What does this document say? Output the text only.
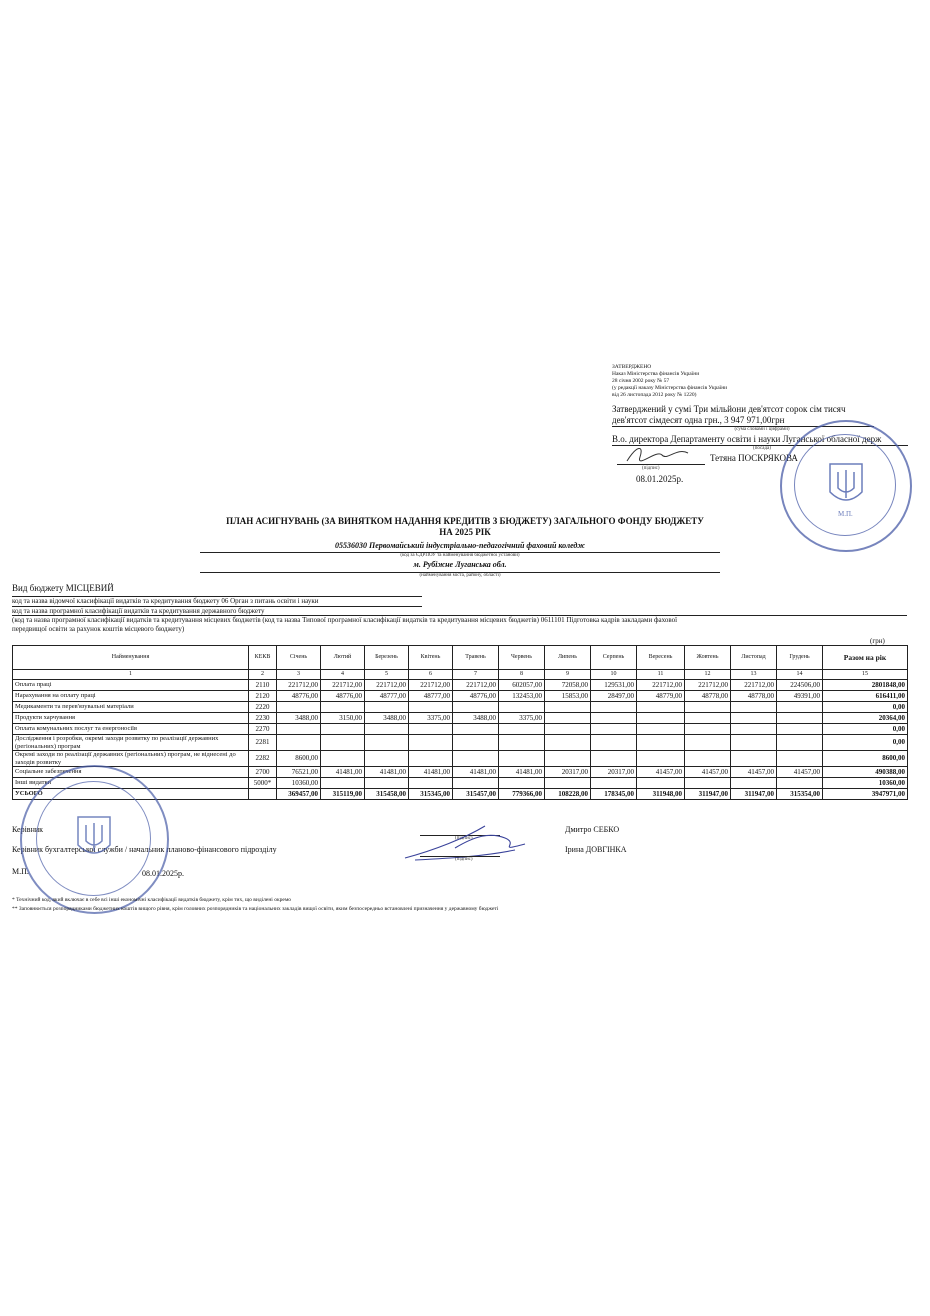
ЗАТВЕРДЖЕНО
Наказ Міністерства фінансів України
28 січня 2002 року № 57
(у редакції наказу Міністерства фінансів України
від 26 листопада 2012 року № 1220)
Затверджений у сумі Три мільйони дев'ятсот сорок сім тисяч
дев'ятсот сімдесят одна грн., 3 947 971,00грн
(сума словами і цифрами)
В.о. директора Департаменту освіти і науки Луганської обласної держ
(посада)
Тетяна ПОСКРЯКОВА
(підпис)
08.01.2025р.
М.П.
ПЛАН АСИГНУВАНЬ (ЗА ВИНЯТКОМ НАДАННЯ КРЕДИТІВ З БЮДЖЕТУ) ЗАГАЛЬНОГО ФОНДУ БЮДЖЕТУ
НА 2025 РІК
05536030 Первомайський індустріально-педагогічний фаховий коледж
(код за ЄДРПОУ та найменування бюджетної установи)
м. Рубіжне Луганська обл.
(найменування міста, району, області)
Вид бюджету МІСЦЕВИЙ
код та назва відомчої класифікації видатків та кредитування бюджету 06 Орган з питань освіти і науки
код та назва програмної класифікації видатків та кредитування державного бюджету
(код та назва програмної класифікації видатків та кредитування місцевих бюджетів (код та назва Типової програмної класифікації видатків та кредитування місцевих бюджетів) 0611101 Підготовка кадрів закладами фахової
передвищої освіти за рахунок коштів місцевого бюджету)
(грн)
Найменування	КЕКВ	Січень	Лютий	Березень	Квітень	Травень	Червень	Липень	Серпень	Вересень	Жовтень	Листопад	Грудень	Разом на рік
1	2	3	4	5	6	7	8	9	10	11	12	13	14	15
Оплата праці	2110	221712,00	221712,00	221712,00	221712,00	221712,00	602057,00	72058,00	129531,00	221712,00	221712,00	221712,00	224506,00	2801848,00
Нарахування на оплату праці	2120	48776,00	48776,00	48777,00	48777,00	48776,00	132453,00	15853,00	28497,00	48779,00	48778,00	48778,00	49391,00	616411,00
Медикаменти та перев'язувальні матеріали	2220													0,00
Продукти харчування	2230	3488,00	3150,00	3488,00	3375,00	3488,00	3375,00							20364,00
Оплата комунальних послуг та енергоносіїв	2270													0,00
Дослідження і розробки, окремі заходи розвитку по реалізації державних (регіональних) програм	2281													0,00
Окремі заходи по реалізації державних (регіональних) програм, не віднесені до заходів розвитку	2282	8600,00												8600,00
Соціальне забезпечення	2700	76521,00	41481,00	41481,00	41481,00	41481,00	41481,00	20317,00	20317,00	41457,00	41457,00	41457,00	41457,00	490388,00
Інші видатки	5000*	10360,00												10360,00
УСЬОГО		369457,00	315119,00	315458,00	315345,00	315457,00	779366,00	108228,00	178345,00	311948,00	311947,00	311947,00	315354,00	3947971,00
Керівник	Дмитро СЕБКО
(підпис)
Керівник бухгалтерської служби / начальник планово-фінансового підрозділу	Ірина ДОВГІНКА
(підпис)
М.П.	08.01.2025р.
* Технічний код, який включає в себе всі інші економічні класифікації видатків бюджету, крім тих, що виділені окремо
** Заповнюється розпорядниками бюджетних коштів вищого рівня, крім головних розпорядників та національних закладів вищої освіти, яким безпосередньо встановлені призначення у державному бюджеті
